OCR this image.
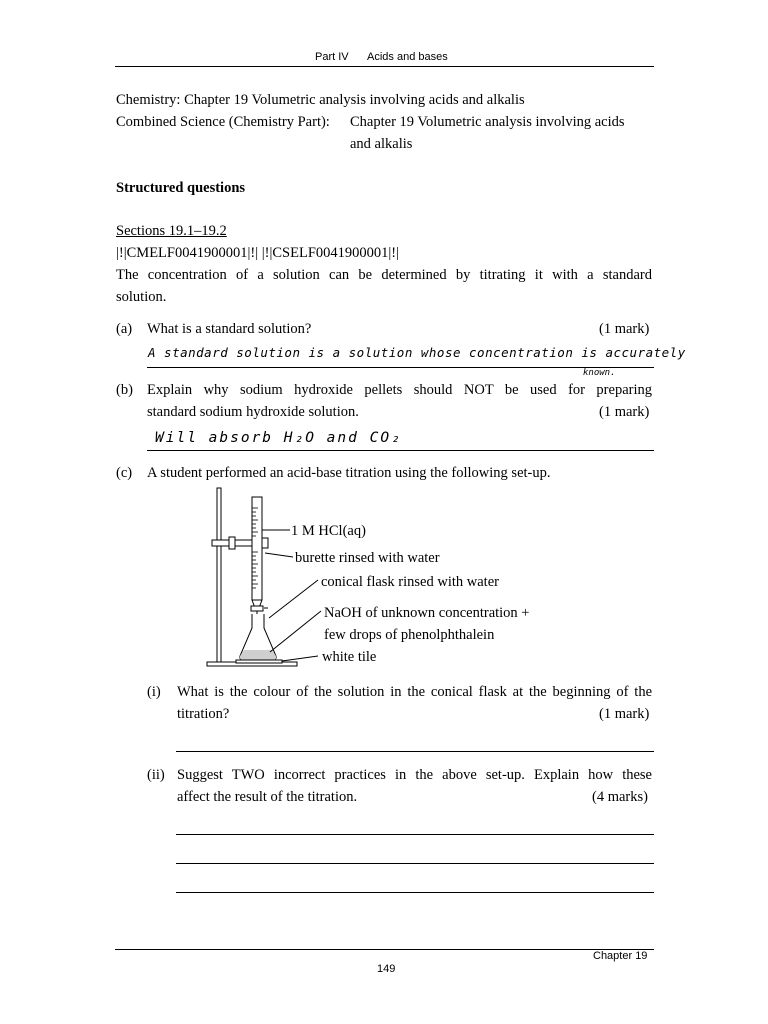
Part IV Acids and bases
Chemistry: Chapter 19 Volumetric analysis involving acids and alkalis
Combined Science (Chemistry Part): Chapter 19 Volumetric analysis involving acids
and alkalis
Structured questions
Sections 19.1–19.2
|!|CMELF0041900001|!| |!|CSELF0041900001|!|
The concentration of a solution can be determined by titrating it with a standard
solution.
(a) What is a standard solution?	(1 mark)
A standard solution is a solution whose concentration is accurately
known.
(b) Explain why sodium hydroxide pellets should NOT be used for preparing
standard sodium hydroxide solution.	(1 mark)
Will absorb H₂O and CO₂
(c) A student performed an acid-base titration using the following set-up.
1 M HCl(aq)
burette rinsed with water
conical flask rinsed with water
NaOH of unknown concentration +
few drops of phenolphthalein
white tile
(i) What is the colour of the solution in the conical flask at the beginning of the
titration?	(1 mark)
(ii) Suggest TWO incorrect practices in the above set-up. Explain how these
affect the result of the titration.	(4 marks)
Chapter 19
149
